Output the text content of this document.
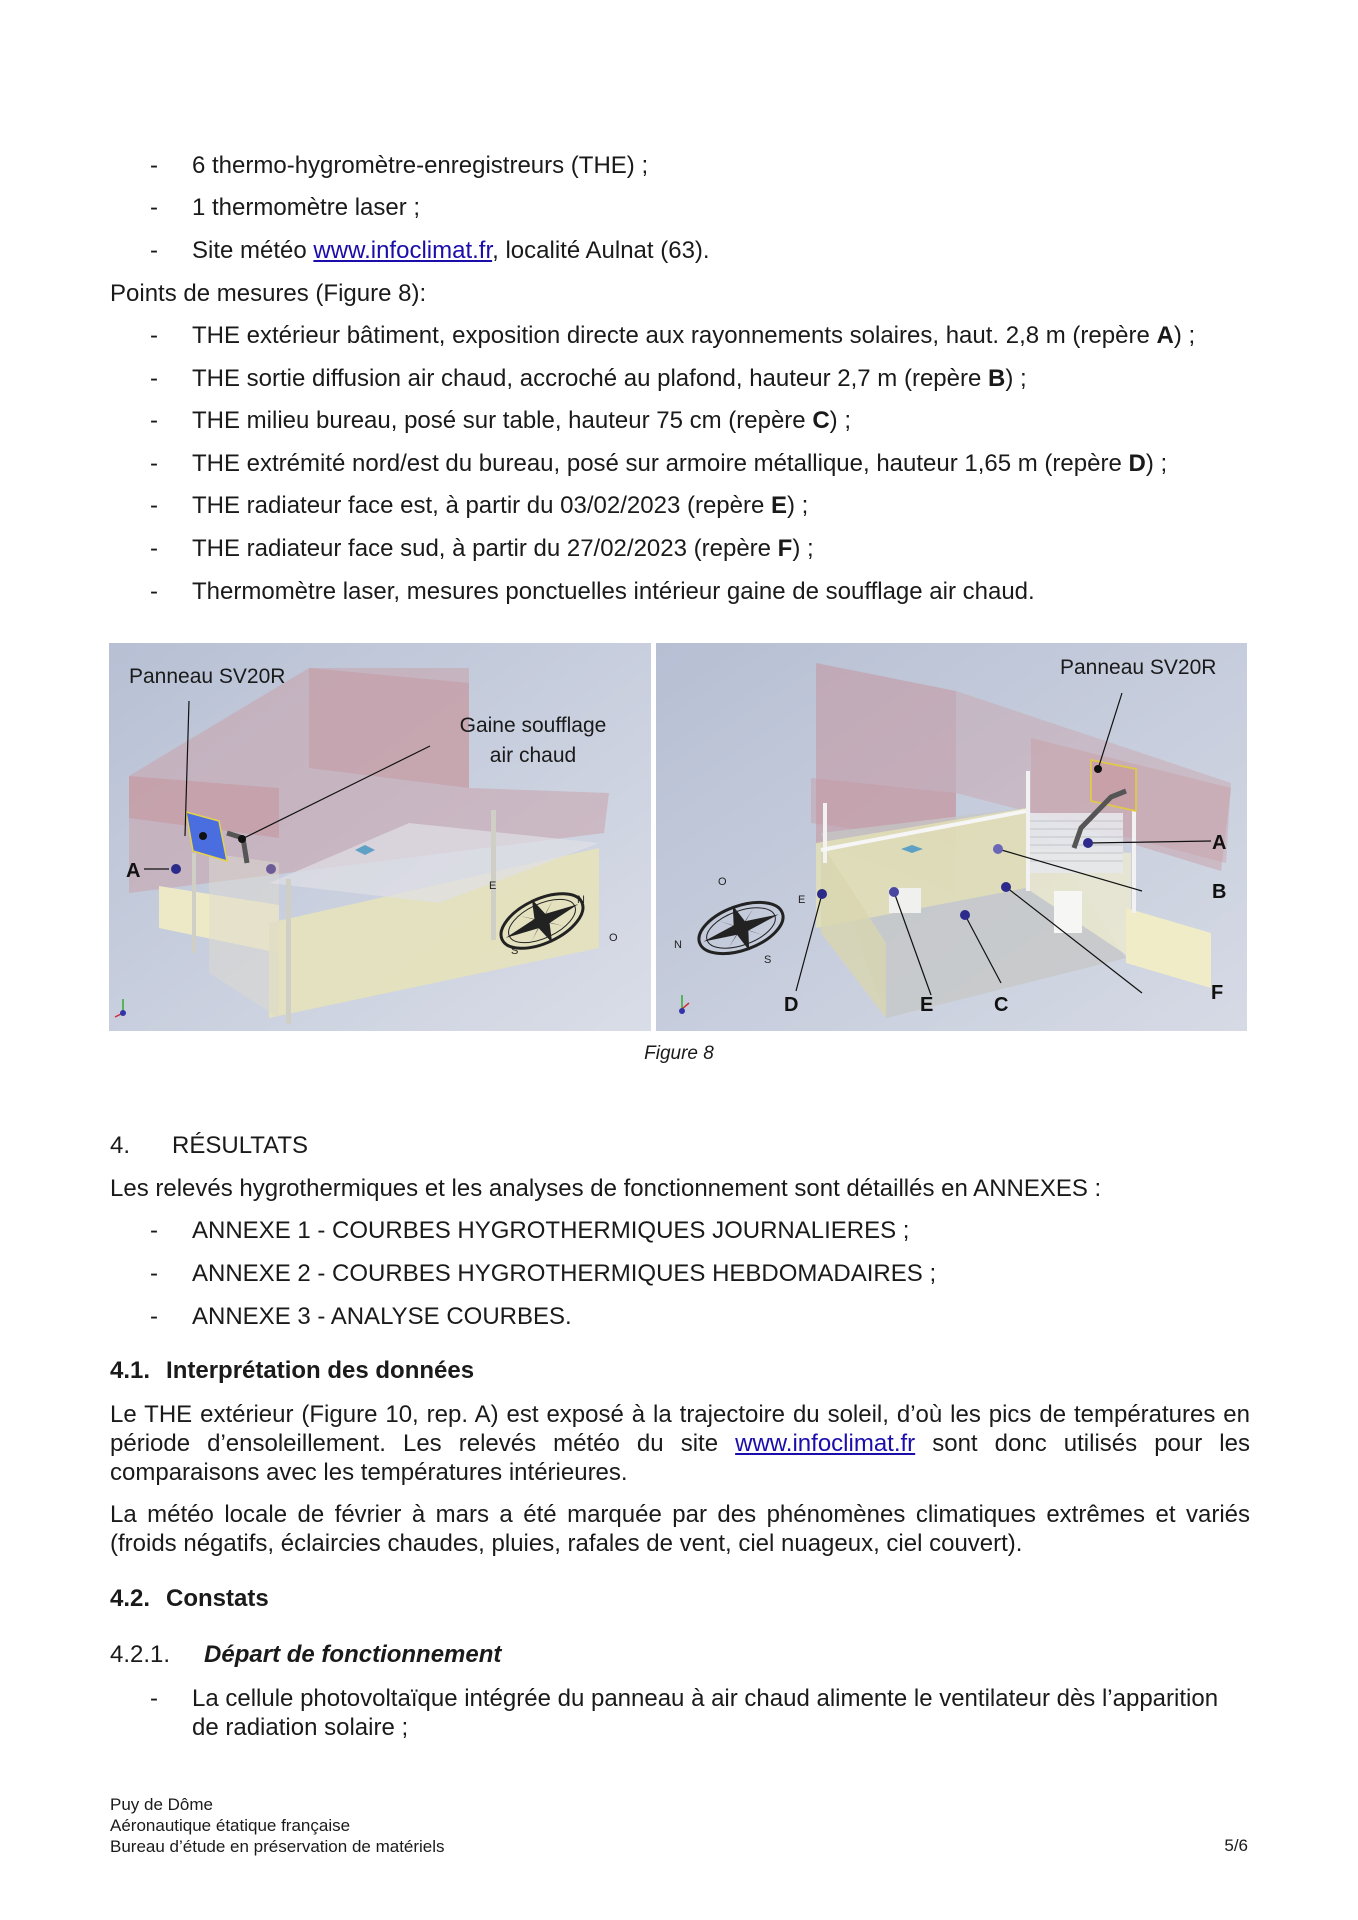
- 6 thermo-hygromètre-enregistreurs (THE) ;
- 1 thermomètre laser ;
- Site météo www.infoclimat.fr, localité Aulnat (63).
Points de mesures (Figure 8):
- THE extérieur bâtiment, exposition directe aux rayonnements solaires, haut. 2,8 m (repère A) ;
- THE sortie diffusion air chaud, accroché au plafond, hauteur 2,7 m (repère B) ;
- THE milieu bureau, posé sur table, hauteur 75 cm (repère C) ;
- THE extrémité nord/est du bureau, posé sur armoire métallique, hauteur 1,65 m (repère D) ;
- THE radiateur face est, à partir du 03/02/2023 (repère E) ;
- THE radiateur face sud, à partir du 27/02/2023 (repère F) ;
- Thermomètre laser, mesures ponctuelles intérieur gaine de soufflage air chaud.
E
N
O
S
Panneau SV20R
Gaine soufflage
air chaud
A
N
O
S
E
Panneau SV20R
A
B
F
D	E	C
Figure 8
4. RÉSULTATS
Les relevés hygrothermiques et les analyses de fonctionnement sont détaillés en ANNEXES :
- ANNEXE 1 - COURBES HYGROTHERMIQUES JOURNALIERES ;
- ANNEXE 2 - COURBES HYGROTHERMIQUES HEBDOMADAIRES ;
- ANNEXE 3 - ANALYSE COURBES.
4.1. Interprétation des données
Le THE extérieur (Figure 10, rep. A) est exposé à la trajectoire du soleil, d’où les pics de températures en période d’ensoleillement. Les relevés météo du site www.infoclimat.fr sont donc utilisés pour les comparaisons avec les températures intérieures.
La météo locale de février à mars a été marquée par des phénomènes climatiques extrêmes et variés (froids négatifs, éclaircies chaudes, pluies, rafales de vent, ciel nuageux, ciel couvert).
4.2. Constats
4.2.1. Départ de fonctionnement
- La cellule photovoltaïque intégrée du panneau à air chaud alimente le ventilateur dès l’apparition
de radiation solaire ;
Puy de Dôme
Aéronautique étatique française
Bureau d’étude en préservation de matériels	5/6
